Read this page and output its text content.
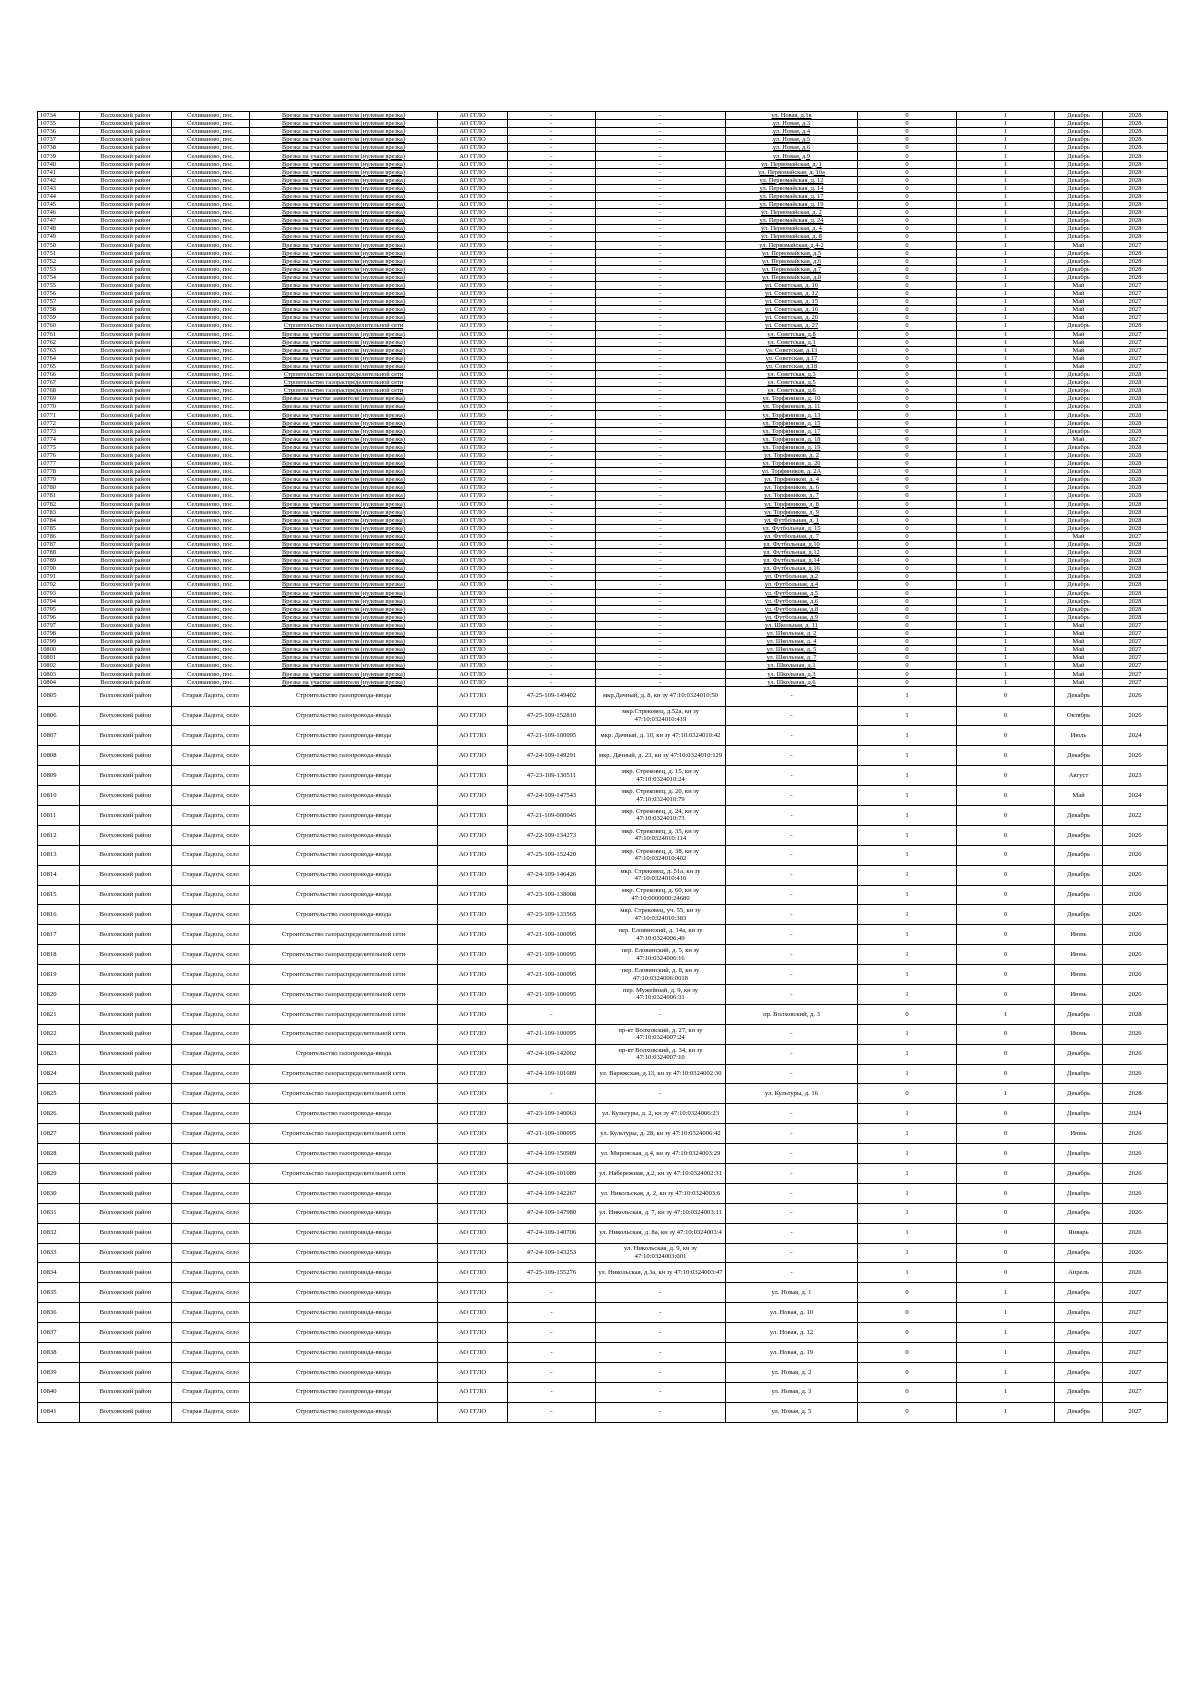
10734	Волховский район	Селиваново, пос.	Врезка на участке заявителя (нулевая врезка)	АО ГГЛО	-	-	ул. Новая, д.1в	0	1	Декабрь	2028
10735	Волховский район	Селиваново, пос.	Врезка на участке заявителя (нулевая врезка)	АО ГГЛО	-	-	ул. Новая, д.3	0	1	Декабрь	2028
10736	Волховский район	Селиваново, пос.	Врезка на участке заявителя (нулевая врезка)	АО ГГЛО	-	-	ул. Новая, д.4	0	1	Декабрь	2028
10737	Волховский район	Селиваново, пос.	Врезка на участке заявителя (нулевая врезка)	АО ГГЛО	-	-	ул. Новая, д.5	0	1	Декабрь	2028
10738	Волховский район	Селиваново, пос.	Врезка на участке заявителя (нулевая врезка)	АО ГГЛО	-	-	ул. Новая, д.6	0	1	Декабрь	2028
10739	Волховский район	Селиваново, пос.	Врезка на участке заявителя (нулевая врезка)	АО ГГЛО	-	-	ул. Новая, д.9	0	1	Декабрь	2028
10740	Волховский район	Селиваново, пос.	Врезка на участке заявителя (нулевая врезка)	АО ГГЛО	-	-	ул. Первомайская, д. 1	0	1	Декабрь	2028
10741	Волховский район	Селиваново, пос.	Врезка на участке заявителя (нулевая врезка)	АО ГГЛО	-	-	ул. Первомайская, д. 10а	0	1	Декабрь	2028
10742	Волховский район	Селиваново, пос.	Врезка на участке заявителя (нулевая врезка)	АО ГГЛО	-	-	ул. Первомайская, д. 12	0	1	Декабрь	2028
10743	Волховский район	Селиваново, пос.	Врезка на участке заявителя (нулевая врезка)	АО ГГЛО	-	-	ул. Первомайская, д. 14	0	1	Декабрь	2028
10744	Волховский район	Селиваново, пос.	Врезка на участке заявителя (нулевая врезка)	АО ГГЛО	-	-	ул. Первомайская, д. 17	0	1	Декабрь	2028
10745	Волховский район	Селиваново, пос.	Врезка на участке заявителя (нулевая врезка)	АО ГГЛО	-	-	ул. Первомайская, д. 19	0	1	Декабрь	2028
10746	Волховский район	Селиваново, пос.	Врезка на участке заявителя (нулевая врезка)	АО ГГЛО	-	-	ул. Первомайская, д. 2	0	1	Декабрь	2028
10747	Волховский район	Селиваново, пос.	Врезка на участке заявителя (нулевая врезка)	АО ГГЛО	-	-	ул. Первомайская, д. 24	0	1	Декабрь	2028
10748	Волховский район	Селиваново, пос.	Врезка на участке заявителя (нулевая врезка)	АО ГГЛО	-	-	ул. Первомайская, д. 4	0	1	Декабрь	2028
10749	Волховский район	Селиваново, пос.	Врезка на участке заявителя (нулевая врезка)	АО ГГЛО	-	-	ул. Первомайская, д. 8	0	1	Декабрь	2028
10750	Волховский район	Селиваново, пос.	Врезка на участке заявителя (нулевая врезка)	АО ГГЛО	-	-	ул. Первомайская, д.4-2	0	1	Май	2027
10751	Волховский район	Селиваново, пос.	Врезка на участке заявителя (нулевая врезка)	АО ГГЛО	-	-	ул. Первомайская, д.5	0	1	Декабрь	2028
10752	Волховский район	Селиваново, пос.	Врезка на участке заявителя (нулевая врезка)	АО ГГЛО	-	-	ул. Первомайская, д.6	0	1	Декабрь	2028
10753	Волховский район	Селиваново, пос.	Врезка на участке заявителя (нулевая врезка)	АО ГГЛО	-	-	ул. Первомайская, д.7	0	1	Декабрь	2028
10754	Волховский район	Селиваново, пос.	Врезка на участке заявителя (нулевая врезка)	АО ГГЛО	-	-	ул. Первомайская, д.8	0	1	Декабрь	2028
10755	Волховский район	Селиваново, пос.	Врезка на участке заявителя (нулевая врезка)	АО ГГЛО	-	-	ул. Советская, д. 10	0	1	Май	2027
10756	Волховский район	Селиваново, пос.	Врезка на участке заявителя (нулевая врезка)	АО ГГЛО	-	-	ул. Советская, д. 12	0	1	Май	2027
10757	Волховский район	Селиваново, пос.	Врезка на участке заявителя (нулевая врезка)	АО ГГЛО	-	-	ул. Советская, д. 15	0	1	Май	2027
10758	Волховский район	Селиваново, пос.	Врезка на участке заявителя (нулевая врезка)	АО ГГЛО	-	-	ул. Советская, д. 16	0	1	Май	2027
10759	Волховский район	Селиваново, пос.	Врезка на участке заявителя (нулевая врезка)	АО ГГЛО	-	-	ул. Советская, д. 20	0	1	Май	2027
10760	Волховский район	Селиваново, пос.	Строительство газораспределительной сети	АО ГГЛО	-	-	ул. Советская, д. 27	0	1	Декабрь	2028
10761	Волховский район	Селиваново, пос.	Врезка на участке заявителя (нулевая врезка)	АО ГГЛО	-	-	ул. Советская, д.8	0	1	Май	2027
10762	Волховский район	Селиваново, пос.	Врезка на участке заявителя (нулевая врезка)	АО ГГЛО	-	-	ул. Советская, д.1	0	1	Май	2027
10763	Волховский район	Селиваново, пос.	Врезка на участке заявителя (нулевая врезка)	АО ГГЛО	-	-	ул. Советская, д.13	0	1	Май	2027
10764	Волховский район	Селиваново, пос.	Врезка на участке заявителя (нулевая врезка)	АО ГГЛО	-	-	ул. Советская, д.17	0	1	Май	2027
10765	Волховский район	Селиваново, пос.	Врезка на участке заявителя (нулевая врезка)	АО ГГЛО	-	-	ул. Советская, д.18	0	1	Май	2027
10766	Волховский район	Селиваново, пос.	Строительство газораспределительной сети	АО ГГЛО	-	-	ул. Советская, д.3	0	1	Декабрь	2028
10767	Волховский район	Селиваново, пос.	Строительство газораспределительной сети	АО ГГЛО	-	-	ул. Советская, д.5	0	1	Декабрь	2028
10768	Волховский район	Селиваново, пос.	Строительство газораспределительной сети	АО ГГЛО	-	-	ул. Советская, д.6	0	1	Декабрь	2028
10769	Волховский район	Селиваново, пос.	Врезка на участке заявителя (нулевая врезка)	АО ГГЛО	-	-	ул. Торфяников, д. 10	0	1	Декабрь	2028
10770	Волховский район	Селиваново, пос.	Врезка на участке заявителя (нулевая врезка)	АО ГГЛО	-	-	ул. Торфяников, д. 11	0	1	Декабрь	2028
10771	Волховский район	Селиваново, пос.	Врезка на участке заявителя (нулевая врезка)	АО ГГЛО	-	-	ул. Торфяников, д. 13	0	1	Декабрь	2028
10772	Волховский район	Селиваново, пос.	Врезка на участке заявителя (нулевая врезка)	АО ГГЛО	-	-	ул. Торфяников, д. 15	0	1	Декабрь	2028
10773	Волховский район	Селиваново, пос.	Врезка на участке заявителя (нулевая врезка)	АО ГГЛО	-	-	ул. Торфяников, д. 17	0	1	Декабрь	2028
10774	Волховский район	Селиваново, пос.	Врезка на участке заявителя (нулевая врезка)	АО ГГЛО	-	-	ул. Торфяников, д. 18	0	1	Май	2027
10775	Волховский район	Селиваново, пос.	Врезка на участке заявителя (нулевая врезка)	АО ГГЛО	-	-	ул. Торфяников, д. 19	0	1	Декабрь	2028
10776	Волховский район	Селиваново, пос.	Врезка на участке заявителя (нулевая врезка)	АО ГГЛО	-	-	ул. Торфяников, д. 2	0	1	Декабрь	2028
10777	Волховский район	Селиваново, пос.	Врезка на участке заявителя (нулевая врезка)	АО ГГЛО	-	-	ул. Торфяников, д. 20	0	1	Декабрь	2028
10778	Волховский район	Селиваново, пос.	Врезка на участке заявителя (нулевая врезка)	АО ГГЛО	-	-	ул. Торфяников, д. 2А	0	1	Декабрь	2028
10779	Волховский район	Селиваново, пос.	Врезка на участке заявителя (нулевая врезка)	АО ГГЛО	-	-	ул. Торфяников, д. 4	0	1	Декабрь	2028
10780	Волховский район	Селиваново, пос.	Врезка на участке заявителя (нулевая врезка)	АО ГГЛО	-	-	ул. Торфяников, д. 6	0	1	Декабрь	2028
10781	Волховский район	Селиваново, пос.	Врезка на участке заявителя (нулевая врезка)	АО ГГЛО	-	-	ул. Торфяников, д. 7	0	1	Декабрь	2028
10782	Волховский район	Селиваново, пос.	Врезка на участке заявителя (нулевая врезка)	АО ГГЛО	-	-	ул. Торфяников, д. 8	0	1	Декабрь	2028
10783	Волховский район	Селиваново, пос.	Врезка на участке заявителя (нулевая врезка)	АО ГГЛО	-	-	ул. Торфяников, д. 9	0	1	Декабрь	2028
10784	Волховский район	Селиваново, пос.	Врезка на участке заявителя (нулевая врезка)	АО ГГЛО	-	-	ул. Футбольная, д. 1	0	1	Декабрь	2028
10785	Волховский район	Селиваново, пос.	Врезка на участке заявителя (нулевая врезка)	АО ГГЛО	-	-	ул. Футбольная, д. 15	0	1	Декабрь	2028
10786	Волховский район	Селиваново, пос.	Врезка на участке заявителя (нулевая врезка)	АО ГГЛО	-	-	ул. Футбольная, д. 7	0	1	Май	2027
10787	Волховский район	Селиваново, пос.	Врезка на участке заявителя (нулевая врезка)	АО ГГЛО	-	-	ул. Футбольная, д.10	0	1	Декабрь	2028
10788	Волховский район	Селиваново, пос.	Врезка на участке заявителя (нулевая врезка)	АО ГГЛО	-	-	ул. Футбольная, д.12	0	1	Декабрь	2028
10789	Волховский район	Селиваново, пос.	Врезка на участке заявителя (нулевая врезка)	АО ГГЛО	-	-	ул. Футбольная, д.14	0	1	Декабрь	2028
10790	Волховский район	Селиваново, пос.	Врезка на участке заявителя (нулевая врезка)	АО ГГЛО	-	-	ул. Футбольная, д.16	0	1	Декабрь	2028
10791	Волховский район	Селиваново, пос.	Врезка на участке заявителя (нулевая врезка)	АО ГГЛО	-	-	ул. Футбольная, д.2	0	1	Декабрь	2028
10792	Волховский район	Селиваново, пос.	Врезка на участке заявителя (нулевая врезка)	АО ГГЛО	-	-	ул. Футбольная, д.4	0	1	Декабрь	2028
10793	Волховский район	Селиваново, пос.	Врезка на участке заявителя (нулевая врезка)	АО ГГЛО	-	-	ул. Футбольная, д.5	0	1	Декабрь	2028
10794	Волховский район	Селиваново, пос.	Врезка на участке заявителя (нулевая врезка)	АО ГГЛО	-	-	ул. Футбольная, д.6	0	1	Декабрь	2028
10795	Волховский район	Селиваново, пос.	Врезка на участке заявителя (нулевая врезка)	АО ГГЛО	-	-	ул. Футбольная, д.8	0	1	Декабрь	2028
10796	Волховский район	Селиваново, пос.	Врезка на участке заявителя (нулевая врезка)	АО ГГЛО	-	-	ул. Футбольная, д.9	0	1	Декабрь	2028
10797	Волховский район	Селиваново, пос.	Врезка на участке заявителя (нулевая врезка)	АО ГГЛО	-	-	ул. Школьная, д. 11	0	1	Май	2027
10798	Волховский район	Селиваново, пос.	Врезка на участке заявителя (нулевая врезка)	АО ГГЛО	-	-	ул. Школьная, д. 2	0	1	Май	2027
10799	Волховский район	Селиваново, пос.	Врезка на участке заявителя (нулевая врезка)	АО ГГЛО	-	-	ул. Школьная, д. 4	0	1	Май	2027
10800	Волховский район	Селиваново, пос.	Врезка на участке заявителя (нулевая врезка)	АО ГГЛО	-	-	ул. Школьная, д. 5	0	1	Май	2027
10801	Волховский район	Селиваново, пос.	Врезка на участке заявителя (нулевая врезка)	АО ГГЛО	-	-	ул. Школьная, д. 7	0	1	Май	2027
10802	Волховский район	Селиваново, пос.	Врезка на участке заявителя (нулевая врезка)	АО ГГЛО	-	-	ул. Школьная, д.1	0	1	Май	2027
10803	Волховский район	Селиваново, пос.	Врезка на участке заявителя (нулевая врезка)	АО ГГЛО	-	-	ул. Школьная, д.3	0	1	Май	2027
10804	Волховский район	Селиваново, пос.	Врезка на участке заявителя (нулевая врезка)	АО ГГЛО	-	-	ул. Школьная, д.6	0	1	Май	2027
10805	Волховский район	Старая Ладога, село	Строительство газопровода-ввода	АО ГГЛО	47-25-109-149402	мкр.Дачный, д. 8, кн зу 47:10:0324010:50	-	1	0	Декабрь	2026
10806	Волховский район	Старая Ладога, село	Строительство газопровода-ввода	АО ГГЛО	47-25-109-152810	мкр.Стрековец, д.52а, кн зу 47:10:0324010:419	-	1	0	Октябрь	2026
10807	Волховский район	Старая Ладога, село	Строительство газопровода-ввода	АО ГГЛО	47-21-109-100095	мкр. Дачный, д. 10, кн зу 47:10:0324010:42	-	1	0	Июль	2024
10808	Волховский район	Старая Ладога, село	Строительство газопровода-ввода	АО ГГЛО	47-24-109-149291	мкр. Дачный, д. 23, кн зу 47:10:0324010:129	-	1	0	Декабрь	2026
10809	Волховский район	Старая Ладога, село	Строительство газопровода-ввода	АО ГГЛО	47-23-109-130511	мкр. Стрековец, д. 15, кн зу 47:10:0324010:24	-	1	0	Август	2023
10810	Волховский район	Старая Ладога, село	Строительство газопровода-ввода	АО ГГЛО	47-24-109-147543	мкр. Стрековец, д. 20, кн зу 47:10:0324010:79	-	1	0	Май	2024
10811	Волховский район	Старая Ладога, село	Строительство газопровода-ввода	АО ГГЛО	47-21-109-000045	мкр. Стрековец, д. 24, кн зу 47:10:0324010:73	-	1	0	Декабрь	2022
10812	Волховский район	Старая Ладога, село	Строительство газопровода-ввода	АО ГГЛО	47-22-109-134273	мкр. Стрековец, д. 35, кн зу 47:10:0324010:114	-	1	0	Декабрь	2026
10813	Волховский район	Старая Ладога, село	Строительство газопровода-ввода	АО ГГЛО	47-25-109-152420	мкр. Стрековец, д. 38, кн зу 47:10:0324010:402	-	1	0	Декабрь	2026
10814	Волховский район	Старая Ладога, село	Строительство газопровода-ввода	АО ГГЛО	47-24-109-146426	мкр. Стрековец, д. 51а, кн зу 47:10:0324010:416	-	1	0	Декабрь	2026
10815	Волховский район	Старая Ладога, село	Строительство газопровода-ввода	АО ГГЛО	47-23-109-138008	мкр. Стрековец, д. 60, кн зу 47:10:0000000:24680	-	1	0	Декабрь	2026
10816	Волховский район	Старая Ладога, село	Строительство газопровода-ввода	АО ГГЛО	47-23-109-133565	мкр. Стрековец, уч. 55, кн зу 47:10:0324010:383	-	1	0	Декабрь	2026
10817	Волховский район	Старая Ладога, село	Строительство газораспределительной сети	АО ГГЛО	47-21-109-100095	пер. Еловинский, д. 14а, кн зу 47:10:0324006:49	-	1	0	Июнь	2026
10818	Волховский район	Старая Ладога, село	Строительство газораспределительной сети	АО ГГЛО	47-21-109-100095	пер. Еловинский, д. 5, кн зу 47:10:0324006:16	-	1	0	Июнь	2026
10819	Волховский район	Старая Ладога, село	Строительство газораспределительной сети	АО ГГЛО	47-21-109-100095	пер. Еловинский, д. 8, кн зу 47:10:0324006:0018	-	1	0	Июнь	2026
10820	Волховский район	Старая Ладога, село	Строительство газораспределительной сети	АО ГГЛО	47-21-109-100095	пер. Мужейный, д. 9, кн зу 47:10:0324006:31	-	1	0	Июнь	2026
10821	Волховский район	Старая Ладога, село	Строительство газораспределительной сети	АО ГГЛО	-	-	пр. Волховский, д. 3	0	1	Декабрь	2028
10822	Волховский район	Старая Ладога, село	Строительство газораспределительной сети	АО ГГЛО	47-21-109-100095	пр-кт Волховский, д. 27, кн зу 47:10:0324007:24	-	1	0	Июнь	2026
10823	Волховский район	Старая Ладога, село	Строительство газопровода-ввода	АО ГГЛО	47-24-109-142002	пр-кт Волховский, д. 34, кн зу 47:10:0324007:10	-	1	0	Декабрь	2026
10824	Волховский район	Старая Ладога, село	Строительство газораспределительной сети	АО ГГЛО	47-24-109-101089	ул. Варяжская, д.13, кн зу 47:10:0324002:30	-	1	0	Декабрь	2026
10825	Волховский район	Старая Ладога, село	Строительство газораспределительной сети	АО ГГЛО	-	-	ул. Культуры, д. 16	0	1	Декабрь	2028
10826	Волховский район	Старая Ладога, село	Строительство газопровода-ввода	АО ГГЛО	47-23-109-140063	ул. Культуры, д. 2, кн зу 47:10:0324006:23	-	1	0	Декабрь	2024
10827	Волховский район	Старая Ладога, село	Строительство газораспределительной сети	АО ГГЛО	47-21-109-100095	ул. Культуры, д. 28, кн зу 47:10:0324006:42	-	1	0	Июнь	2026
10828	Волховский район	Старая Ладога, село	Строительство газопровода-ввода	АО ГГЛО	47-24-109-150989	ул. Мировская, д.4, кн зу 47:10:0324003:29	-	1	0	Декабрь	2026
10829	Волховский район	Старая Ладога, село	Строительство газораспределительной сети	АО ГГЛО	47-24-109-101089	ул. Набережная, д.2, кн зу 47:10:0324002:31	-	1	0	Декабрь	2026
10830	Волховский район	Старая Ладога, село	Строительство газопровода-ввода	АО ГГЛО	47-24-109-142267	ул. Никольская, д. 2, кн зу 47:10:0324003:6	-	1	0	Декабрь	2026
10831	Волховский район	Старая Ладога, село	Строительство газопровода-ввода	АО ГГЛО	47-24-109-147980	ул. Никольская, д. 7, кн зу 47:10:0324003:11	-	1	0	Декабрь	2026
10832	Волховский район	Старая Ладога, село	Строительство газопровода-ввода	АО ГГЛО	47-24-109-140706	ул. Никольская, д. 8а, кн зу 47:10:0324003:4	-	1	0	Январь	2026
10833	Волховский район	Старая Ладога, село	Строительство газопровода-ввода	АО ГГЛО	47-24-109-143253	ул. Никольская, д. 9, кн зу 47:10:0324003:001	-	1	0	Декабрь	2026
10834	Волховский район	Старая Ладога, село	Строительство газопровода-ввода	АО ГГЛО	47-25-109-155276	ул. Никольская, д.3а, кн зу 47:10:0324003:47	-	1	0	Апрель	2026
10835	Волховский район	Старая Ладога, село	Строительство газопровода-ввода	АО ГГЛО	-	-	ул. Новая, д. 1	0	1	Декабрь	2027
10836	Волховский район	Старая Ладога, село	Строительство газопровода-ввода	АО ГГЛО	-	-	ул. Новая, д. 10	0	1	Декабрь	2027
10837	Волховский район	Старая Ладога, село	Строительство газопровода-ввода	АО ГГЛО	-	-	ул. Новая, д. 12	0	1	Декабрь	2027
10838	Волховский район	Старая Ладога, село	Строительство газопровода-ввода	АО ГГЛО	-	-	ул. Новая, д. 19	0	1	Декабрь	2027
10839	Волховский район	Старая Ладога, село	Строительство газопровода-ввода	АО ГГЛО	-	-	ул. Новая, д. 2	0	1	Декабрь	2027
10840	Волховский район	Старая Ладога, село	Строительство газопровода-ввода	АО ГГЛО	-	-	ул. Новая, д. 3	0	1	Декабрь	2027
10841	Волховский район	Старая Ладога, село	Строительство газопровода-ввода	АО ГГЛО	-	-	ул. Новая, д. 5	0	1	Декабрь	2027
